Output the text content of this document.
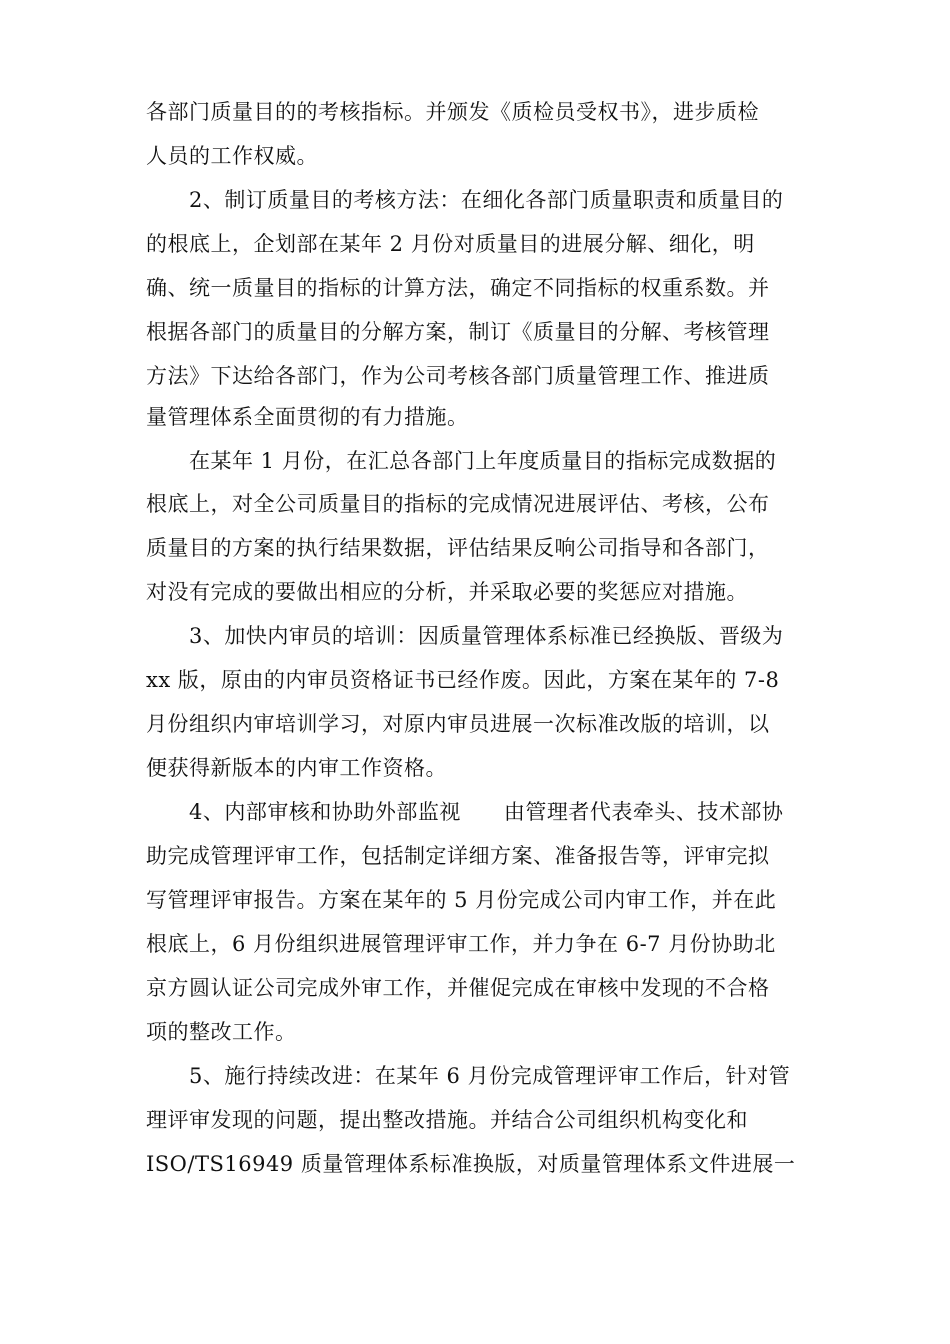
各部门质量目的的考核指标。并颁发《质检员受权书》，进步质检
人员的工作权威。
2、制订质量目的考核方法：在细化各部门质量职责和质量目的
的根底上，企划部在某年 2 月份对质量目的进展分解、细化，明
确、统一质量目的指标的计算方法，确定不同指标的权重系数。并
根据各部门的质量目的分解方案，制订《质量目的分解、考核管理
方法》下达给各部门，作为公司考核各部门质量管理工作、推进质
量管理体系全面贯彻的有力措施。
在某年 1 月份，在汇总各部门上年度质量目的指标完成数据的
根底上，对全公司质量目的指标的完成情况进展评估、考核，公布
质量目的方案的执行结果数据，评估结果反响公司指导和各部门，
对没有完成的要做出相应的分析，并采取必要的奖惩应对措施。
3、加快内审员的培训：因质量管理体系标准已经换版、晋级为
xx 版，原由的内审员资格证书已经作废。因此，方案在某年的 7-8
月份组织内审培训学习，对原内审员进展一次标准改版的培训，以
便获得新版本的内审工作资格。
4、内部审核和协助外部监视　　由管理者代表牵头、技术部协
助完成管理评审工作，包括制定详细方案、准备报告等，评审完拟
写管理评审报告。方案在某年的 5 月份完成公司内审工作，并在此
根底上，6 月份组织进展管理评审工作，并力争在 6-7 月份协助北
京方圆认证公司完成外审工作，并催促完成在审核中发现的不合格
项的整改工作。
5、施行持续改进：在某年 6 月份完成管理评审工作后，针对管
理评审发现的问题，提出整改措施。并结合公司组织机构变化和
ISO/TS16949 质量管理体系标准换版，对质量管理体系文件进展一
